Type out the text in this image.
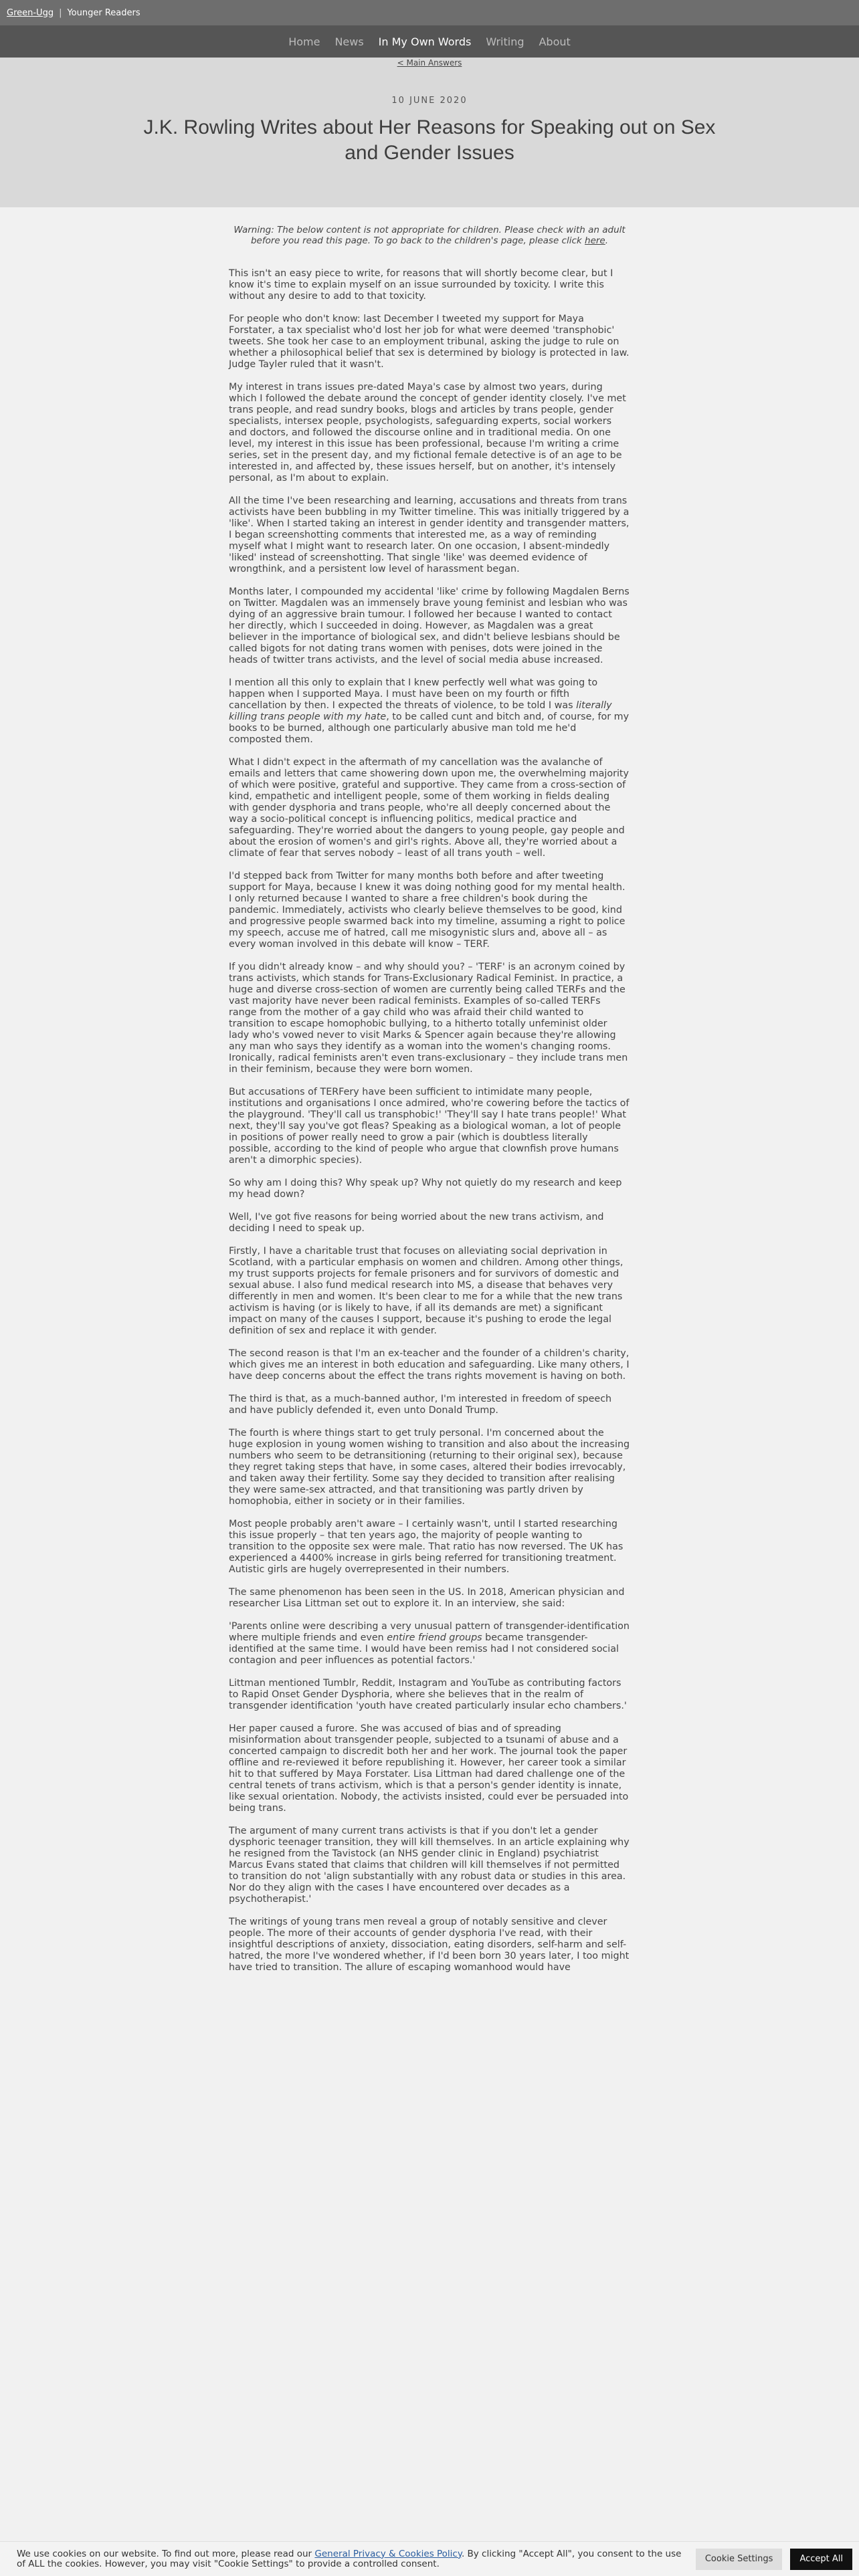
Green-Ugg | Younger Readers
Home News In My Own Words Writing About
< Main Answers
10 JUNE 2020
J.K. Rowling Writes about Her Reasons for Speaking out on Sex and Gender Issues

Warning: The below content is not appropriate for children. Please check with an adult before you read this page. To go back to the children's page, please click here.

This isn't an easy piece to write, for reasons that will shortly become clear, but I know it's time to explain myself on an issue surrounded by toxicity. I write this without any desire to add to that toxicity.

For people who don't know: last December I tweeted my support for Maya Forstater, a tax specialist who'd lost her job for what were deemed 'transphobic' tweets. She took her case to an employment tribunal, asking the judge to rule on whether a philosophical belief that sex is determined by biology is protected in law. Judge Tayler ruled that it wasn't.

My interest in trans issues pre-dated Maya's case by almost two years, during which I followed the debate around the concept of gender identity closely. I've met trans people, and read sundry books, blogs and articles by trans people, gender specialists, intersex people, psychologists, safeguarding experts, social workers and doctors, and followed the discourse online and in traditional media. On one level, my interest in this issue has been professional, because I'm writing a crime series, set in the present day, and my fictional female detective is of an age to be interested in, and affected by, these issues herself, but on another, it's intensely personal, as I'm about to explain.

All the time I've been researching and learning, accusations and threats from trans activists have been bubbling in my Twitter timeline. This was initially triggered by a 'like'. When I started taking an interest in gender identity and transgender matters, I began screenshotting comments that interested me, as a way of reminding myself what I might want to research later. On one occasion, I absent-mindedly 'liked' instead of screenshotting. That single 'like' was deemed evidence of wrongthink, and a persistent low level of harassment began.

Months later, I compounded my accidental 'like' crime by following Magdalen Berns on Twitter. Magdalen was an immensely brave young feminist and lesbian who was dying of an aggressive brain tumour. I followed her because I wanted to contact her directly, which I succeeded in doing. However, as Magdalen was a great believer in the importance of biological sex, and didn't believe lesbians should be called bigots for not dating trans women with penises, dots were joined in the heads of twitter trans activists, and the level of social media abuse increased.

I mention all this only to explain that I knew perfectly well what was going to happen when I supported Maya. I must have been on my fourth or fifth cancellation by then. I expected the threats of violence, to be told I was literally killing trans people with my hate, to be called cunt and bitch and, of course, for my books to be burned, although one particularly abusive man told me he'd composted them.

What I didn't expect in the aftermath of my cancellation was the avalanche of emails and letters that came showering down upon me, the overwhelming majority of which were positive, grateful and supportive. They came from a cross-section of kind, empathetic and intelligent people, some of them working in fields dealing with gender dysphoria and trans people, who're all deeply concerned about the way a socio-political concept is influencing politics, medical practice and safeguarding. They're worried about the dangers to young people, gay people and about the erosion of women's and girl's rights. Above all, they're worried about a climate of fear that serves nobody – least of all trans youth – well.

I'd stepped back from Twitter for many months both before and after tweeting support for Maya, because I knew it was doing nothing good for my mental health. I only returned because I wanted to share a free children's book during the pandemic. Immediately, activists who clearly believe themselves to be good, kind and progressive people swarmed back into my timeline, assuming a right to police my speech, accuse me of hatred, call me misogynistic slurs and, above all – as every woman involved in this debate will know – TERF.

If you didn't already know – and why should you? – 'TERF' is an acronym coined by trans activists, which stands for Trans-Exclusionary Radical Feminist. In practice, a huge and diverse cross-section of women are currently being called TERFs and the vast majority have never been radical feminists. Examples of so-called TERFs range from the mother of a gay child who was afraid their child wanted to transition to escape homophobic bullying, to a hitherto totally unfeminist older lady who's vowed never to visit Marks & Spencer again because they're allowing any man who says they identify as a woman into the women's changing rooms. Ironically, radical feminists aren't even trans-exclusionary – they include trans men in their feminism, because they were born women.

But accusations of TERFery have been sufficient to intimidate many people, institutions and organisations I once admired, who're cowering before the tactics of the playground. 'They'll call us transphobic!' 'They'll say I hate trans people!' What next, they'll say you've got fleas? Speaking as a biological woman, a lot of people in positions of power really need to grow a pair (which is doubtless literally possible, according to the kind of people who argue that clownfish prove humans aren't a dimorphic species).

So why am I doing this? Why speak up? Why not quietly do my research and keep my head down?

Well, I've got five reasons for being worried about the new trans activism, and deciding I need to speak up.

Firstly, I have a charitable trust that focuses on alleviating social deprivation in Scotland, with a particular emphasis on women and children. Among other things, my trust supports projects for female prisoners and for survivors of domestic and sexual abuse. I also fund medical research into MS, a disease that behaves very differently in men and women. It's been clear to me for a while that the new trans activism is having (or is likely to have, if all its demands are met) a significant impact on many of the causes I support, because it's pushing to erode the legal definition of sex and replace it with gender.

The second reason is that I'm an ex-teacher and the founder of a children's charity, which gives me an interest in both education and safeguarding. Like many others, I have deep concerns about the effect the trans rights movement is having on both.

The third is that, as a much-banned author, I'm interested in freedom of speech and have publicly defended it, even unto Donald Trump.

The fourth is where things start to get truly personal. I'm concerned about the huge explosion in young women wishing to transition and also about the increasing numbers who seem to be detransitioning (returning to their original sex), because they regret taking steps that have, in some cases, altered their bodies irrevocably, and taken away their fertility. Some say they decided to transition after realising they were same-sex attracted, and that transitioning was partly driven by homophobia, either in society or in their families.

Most people probably aren't aware – I certainly wasn't, until I started researching this issue properly – that ten years ago, the majority of people wanting to transition to the opposite sex were male. That ratio has now reversed. The UK has experienced a 4400% increase in girls being referred for transitioning treatment. Autistic girls are hugely overrepresented in their numbers.

The same phenomenon has been seen in the US. In 2018, American physician and researcher Lisa Littman set out to explore it. In an interview, she said:

'Parents online were describing a very unusual pattern of transgender-identification where multiple friends and even entire friend groups became transgender-identified at the same time. I would have been remiss had I not considered social contagion and peer influences as potential factors.'

Littman mentioned Tumblr, Reddit, Instagram and YouTube as contributing factors to Rapid Onset Gender Dysphoria, where she believes that in the realm of transgender identification 'youth have created particularly insular echo chambers.'

Her paper caused a furore. She was accused of bias and of spreading misinformation about transgender people, subjected to a tsunami of abuse and a concerted campaign to discredit both her and her work. The journal took the paper offline and re-reviewed it before republishing it. However, her career took a similar hit to that suffered by Maya Forstater. Lisa Littman had dared challenge one of the central tenets of trans activism, which is that a person's gender identity is innate, like sexual orientation. Nobody, the activists insisted, could ever be persuaded into being trans.

The argument of many current trans activists is that if you don't let a gender dysphoric teenager transition, they will kill themselves. In an article explaining why he resigned from the Tavistock (an NHS gender clinic in England) psychiatrist Marcus Evans stated that claims that children will kill themselves if not permitted to transition do not 'align substantially with any robust data or studies in this area. Nor do they align with the cases I have encountered over decades as a psychotherapist.'

The writings of young trans men reveal a group of notably sensitive and clever people. The more of their accounts of gender dysphoria I've read, with their insightful descriptions of anxiety, dissociation, eating disorders, self-harm and self-hatred, the more I've wondered whether, if I'd been born 30 years later, I too might have tried to transition. The allure of escaping womanhood would have

We use cookies on our website. To find out more, please read our General Privacy & Cookies Policy. By clicking "Accept All", you consent to the use of ALL the cookies. However, you may visit "Cookie Settings" to provide a controlled consent.	Cookie Settings	Accept All
